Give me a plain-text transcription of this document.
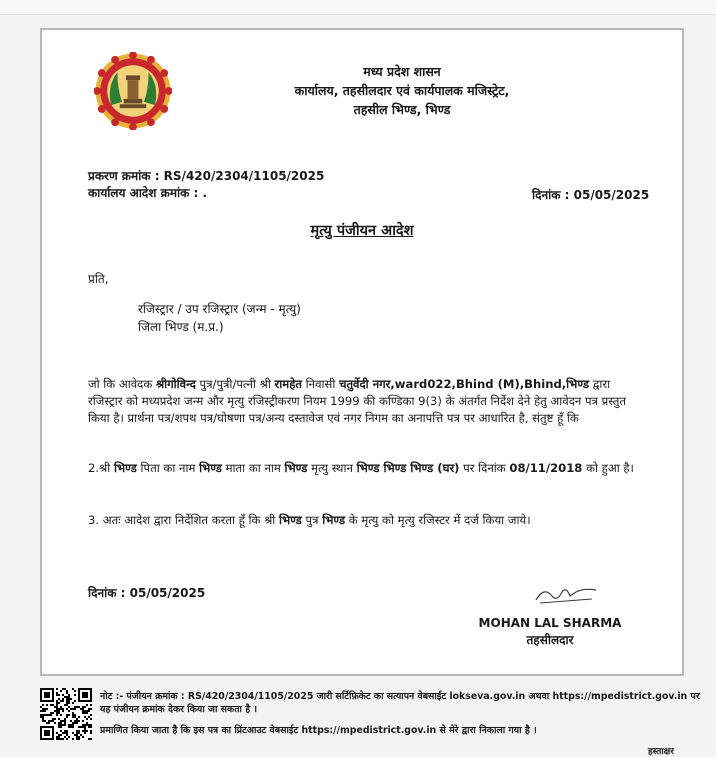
मध्य प्रदेश शासन
कार्यालय, तहसीलदार एवं कार्यपालक मजिस्ट्रेट,
तहसील भिण्ड, भिण्ड
प्रकरण क्रमांक : RS/420/2304/1105/2025
कार्यालय आदेश क्रमांक : .	दिनांक : 05/05/2025
मृत्यु पंजीयन आदेश
प्रति,
रजिस्ट्रार / उप रजिस्ट्रार (जन्म - मृत्यु)
जिला भिण्ड (म.प्र.)
जो कि आवेदक श्रीगोविन्द पुत्र/पुत्री/पत्नी श्री रामहेत निवासी चतुर्वेदी नगर,ward022,Bhind (M),Bhind,भिण्ड द्वारा रजिस्ट्रार को मध्यप्रदेश जन्म और मृत्यु रजिस्ट्रीकरण नियम 1999 की कण्डिका 9(3) के अंतर्गत निर्देश देने हेतु आवेदन पत्र प्रस्तुत किया है। प्रार्थना पत्र/शपथ पत्र/घोषणा पत्र/अन्य दस्तावेज एवं नगर निगम का अनापत्ति पत्र पर आधारित है, संतुष्ट हूँ कि
2.श्री भिण्ड पिता का नाम भिण्ड माता का नाम भिण्ड मृत्यु स्थान भिण्ड भिण्ड भिण्ड (घर) पर दिनांक 08/11/2018 को हुआ है।
3. अतः आदेश द्वारा निर्देशित करता हूँ कि श्री भिण्ड पुत्र भिण्ड के मृत्यु को मृत्यु रजिस्टर में दर्ज किया जाये।
दिनांक : 05/05/2025
MOHAN LAL SHARMA
तहसीलदार

नोट :- पंजीयन क्रमांक : RS/420/2304/1105/2025 जारी सर्टिफ़िकेट का सत्यापन वेबसाईट lokseva.gov.in अथवा https://mpedistrict.gov.in पर यह पंजीयन क्रमांक देकर किया जा सकता है ।

प्रमाणित किया जाता है कि इस पत्र का प्रिंटआउट वेबसाईट https://mpedistrict.gov.in से मेरे द्वारा निकाला गया है ।

हस्ताक्षर
